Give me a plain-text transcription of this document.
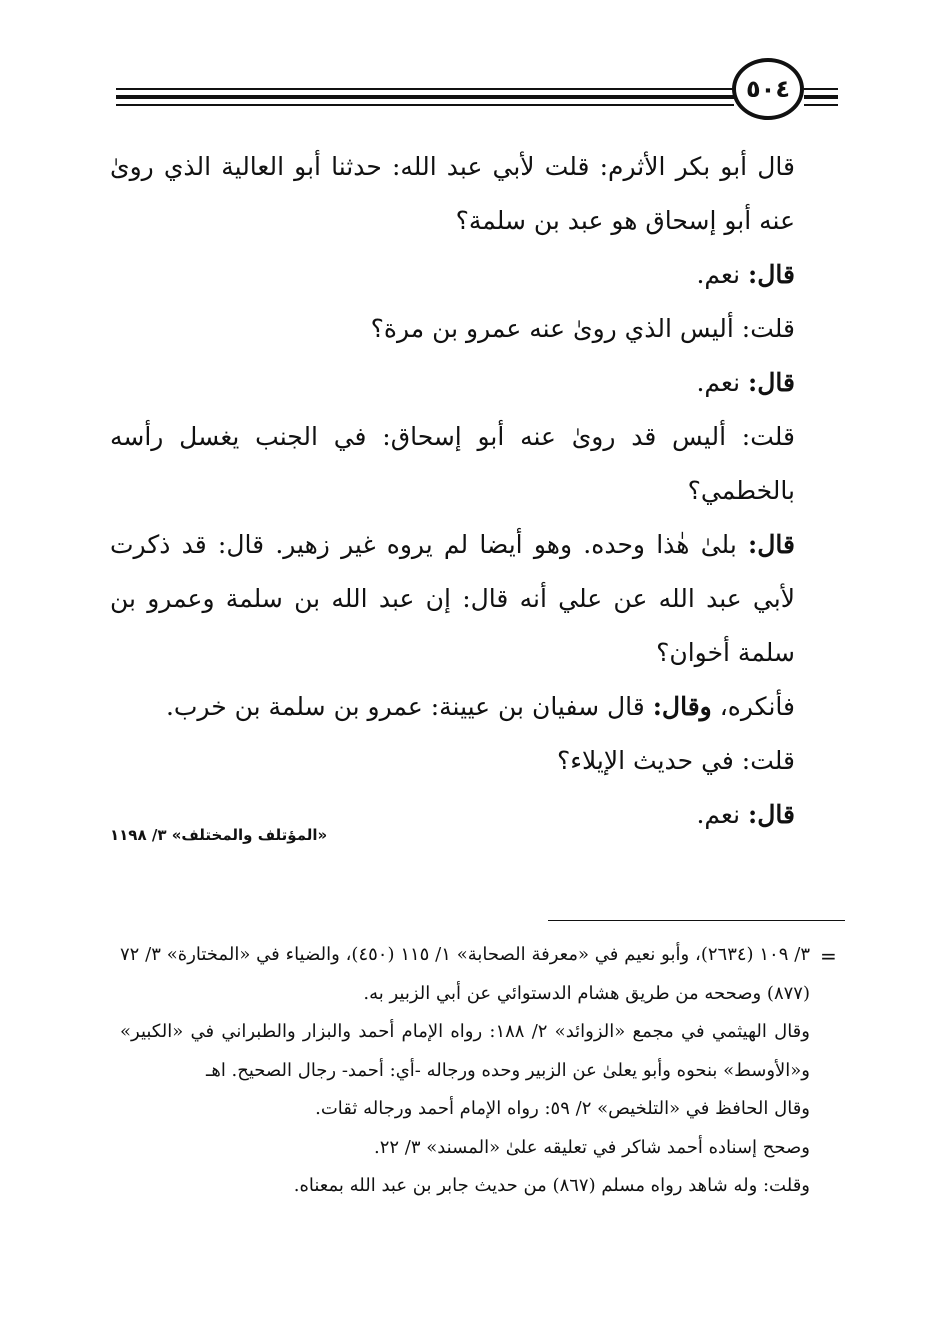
٥٠٤

قال أبو بكر الأثرم: قلت لأبي عبد الله: حدثنا أبو العالية الذي روىٰ عنه أبو إسحاق هو عبد بن سلمة؟

قال: نعم.

قلت: أليس الذي روىٰ عنه عمرو بن مرة؟

قال: نعم.

قلت: أليس قد روىٰ عنه أبو إسحاق: في الجنب يغسل رأسه بالخطمي؟

قال: بلىٰ هٰذا وحده. وهو أيضا لم يروه غير زهير. قال: قد ذكرت لأبي عبد الله عن علي أنه قال: إن عبد الله بن سلمة وعمرو بن سلمة أخوان؟

فأنكره، وقال: قال سفيان بن عيينة: عمرو بن سلمة بن خرب.

قلت: في حديث الإيلاء؟

قال: نعم.

«المؤتلف والمختلف» ٣/ ١١٩٨
=

٣/ ١٠٩ (٢٦٣٤)، وأبو نعيم في «معرفة الصحابة» ١/ ١١٥ (٤٥٠)، والضياء في «المختارة» ٣/ ٧٢ (٨٧٧) وصححه من طريق هشام الدستوائي عن أبي الزبير به.

وقال الهيثمي في مجمع «الزوائد» ٢/ ١٨٨: رواه الإمام أحمد والبزار والطبراني في «الكبير» و«الأوسط» بنحوه وأبو يعلىٰ عن الزبير وحده ورجاله -أي: أحمد- رجال الصحيح. اهـ

وقال الحافظ في «التلخيص» ٢/ ٥٩: رواه الإمام أحمد ورجاله ثقات.

وصحح إسناده أحمد شاكر في تعليقه علىٰ «المسند» ٣/ ٢٢.

وقلت: وله شاهد رواه مسلم (٨٦٧) من حديث جابر بن عبد الله بمعناه.
